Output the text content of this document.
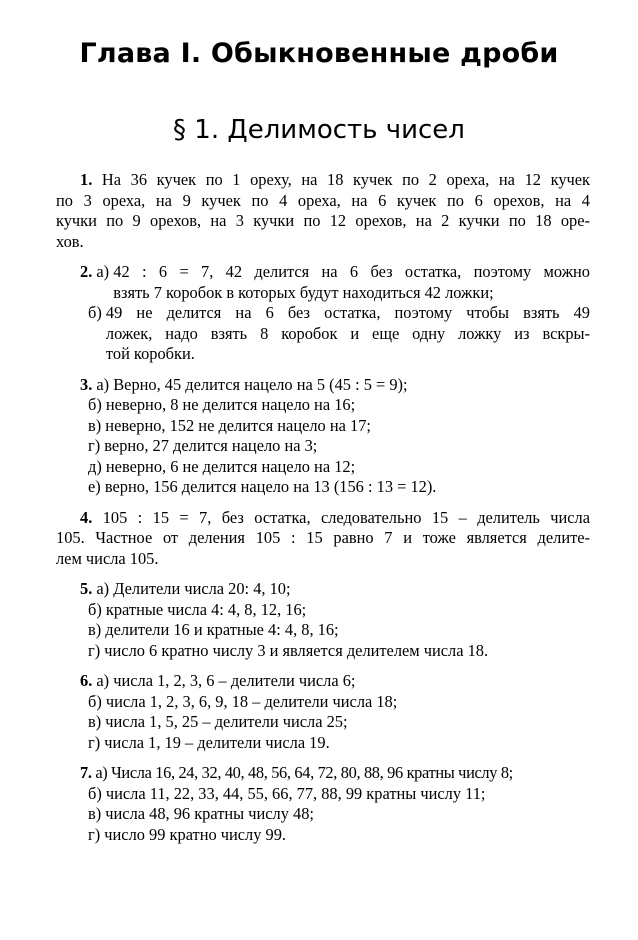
Глава I. Обыкновенные дроби
§ 1. Делимость чисел
1. На 36 кучек по 1 ореху, на 18 кучек по 2 ореха, на 12 кучек
по 3 ореха, на 9 кучек по 4 ореха, на 6 кучек по 6 орехов, на 4
кучки по 9 орехов, на 3 кучки по 12 орехов, на 2 кучки по 18 оре-
хов.
2. а) 42 : 6 = 7, 42 делится на 6 без остатка, поэтому можно
взять 7 коробок в которых будут находиться 42 ложки;
б) 49 не делится на 6 без остатка, поэтому чтобы взять 49
ложек, надо взять 8 коробок и еще одну ложку из вскры-
той коробки.
3. а) Верно, 45 делится нацело на 5 (45 : 5 = 9);
б) неверно, 8 не делится нацело на 16;
в) неверно, 152 не делится нацело на 17;
г) верно, 27 делится нацело на 3;
д) неверно, 6 не делится нацело на 12;
е) верно, 156 делится нацело на 13 (156 : 13 = 12).
4. 105 : 15 = 7, без остатка, следовательно 15 – делитель числа
105. Частное от деления 105 : 15 равно 7 и тоже является делите-
лем числа 105.
5. а) Делители числа 20: 4, 10;
б) кратные числа 4: 4, 8, 12, 16;
в) делители 16 и кратные 4: 4, 8, 16;
г) число 6 кратно числу 3 и является делителем числа 18.
6. а) числа 1, 2, 3, 6 – делители числа 6;
б) числа 1, 2, 3, 6, 9, 18 – делители числа 18;
в) числа 1, 5, 25 – делители числа 25;
г) числа 1, 19 – делители числа 19.
7. а) Числа 16, 24, 32, 40, 48, 56, 64, 72, 80, 88, 96 кратны числу 8;
б) числа 11, 22, 33, 44, 55, 66, 77, 88, 99 кратны числу 11;
в) числа 48, 96 кратны числу 48;
г) число 99 кратно числу 99.
